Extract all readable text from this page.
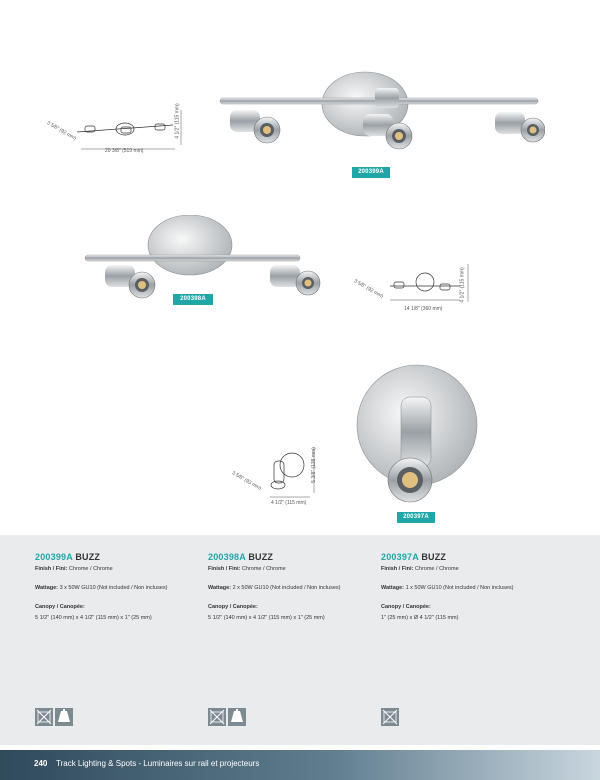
3 5/8" (92 mm)
20 3/8" (519 mm)
4 1/2" (115 mm)
200399A
200398A	3 5/8" (92 mm)
14 1/8" (360 mm)
4 1/2" (115 mm)
200397A
3 5/8" (93 mm)
4 1/2" (115 mm)
5 3/8" (138 mm)
200399A BUZZ
Finish / Fini: Chrome / Chrome
Wattage: 3 x 50W GU10 (Not included / Non incluses)
Canopy / Canopée:
5 1/2" (140 mm) x 4 1/2" (115 mm) x 1" (25 mm)
200398A BUZZ
Finish / Fini: Chrome / Chrome
Wattage: 2 x 50W GU10 (Not included / Non incluses)
Canopy / Canopée:
5 1/2" (140 mm) x 4 1/2" (115 mm) x 1" (25 mm)
200397A BUZZ
Finish / Fini: Chrome / Chrome
Wattage: 1 x 50W GU10 (Not included / Non incluses)
Canopy / Canopée:
1" (25 mm) x Ø 4 1/2" (115 mm)
240 Track Lighting & Spots - Luminaires sur rail et projecteurs
